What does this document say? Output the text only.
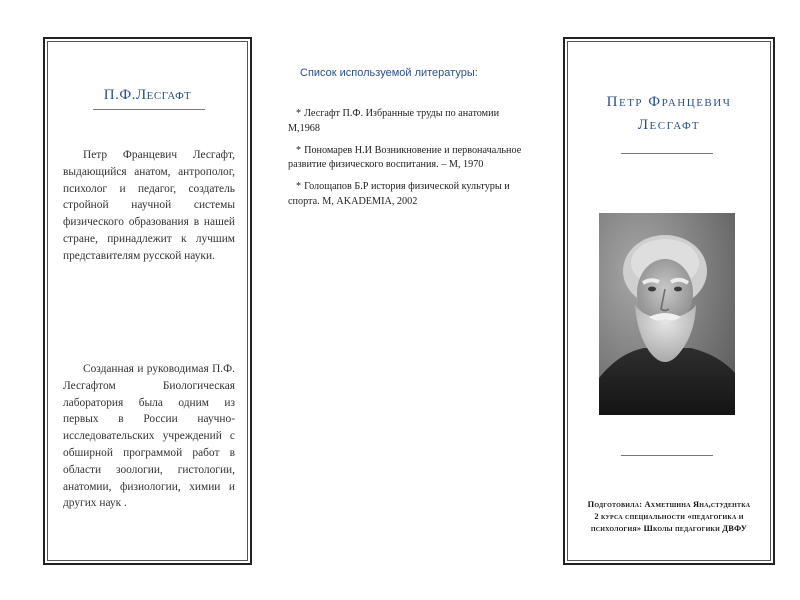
П.Ф.Лесгафт

Петр Францевич Лесгафт, выдающийся анатом, антрополог, психолог и педагог, создатель стройной научной системы физического образования в нашей стране, принадлежит к лучшим представителям русской науки.

Созданная и руководимая П.Ф. Лесгафтом Биологическая лаборатория была одним из первых в России научно-исследовательских учреждений с обширной программой работ в области зоологии, гистологии, анатомии, физиологии, химии и других наук .

Список используемой литературы:
* Лесгафт П.Ф. Избранные труды по анатомии М,1968
* Пономарев Н.И Возникновение и первоначальное развитие физического воспитания. – М, 1970
* Голощапов Б.Р история физической культуры и спорта. М, AKADEMIA, 2002
Петр Францевич
Лесгафт
Подготовила: Ахметшина Яна,студентка
2 курса специальности «педагогика и
психология» Школы педагогики ДВФУ
